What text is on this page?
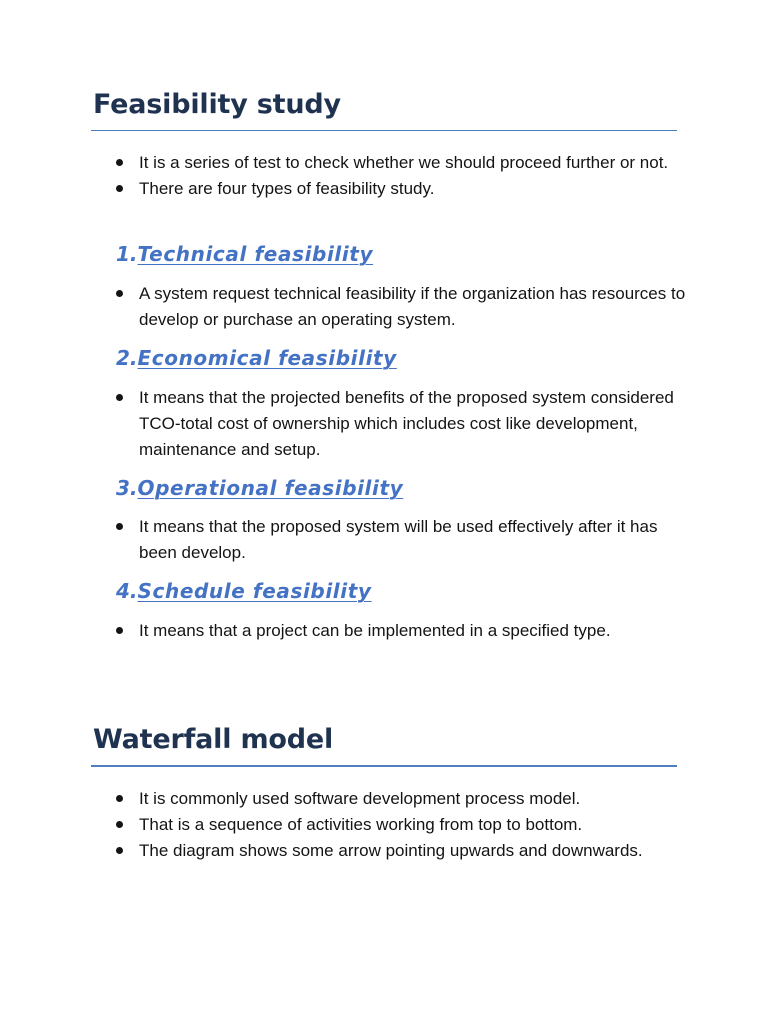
Feasibility study
It is a series of test to check whether we should proceed further or not.
There are four types of feasibility study.
1.Technical feasibility
A system request technical feasibility if the organization has resources to develop or purchase an operating system.
2.Economical feasibility
It means that the projected benefits of the proposed system considered TCO-total cost of ownership which includes cost like development, maintenance and setup.
3.Operational feasibility
It means that the proposed system will be used effectively after it has been develop.
4.Schedule feasibility
It means that a project can be implemented in a specified type.
Waterfall model
It is commonly used software development process model.
That is a sequence of activities working from top to bottom.
The diagram shows some arrow pointing upwards and downwards.
